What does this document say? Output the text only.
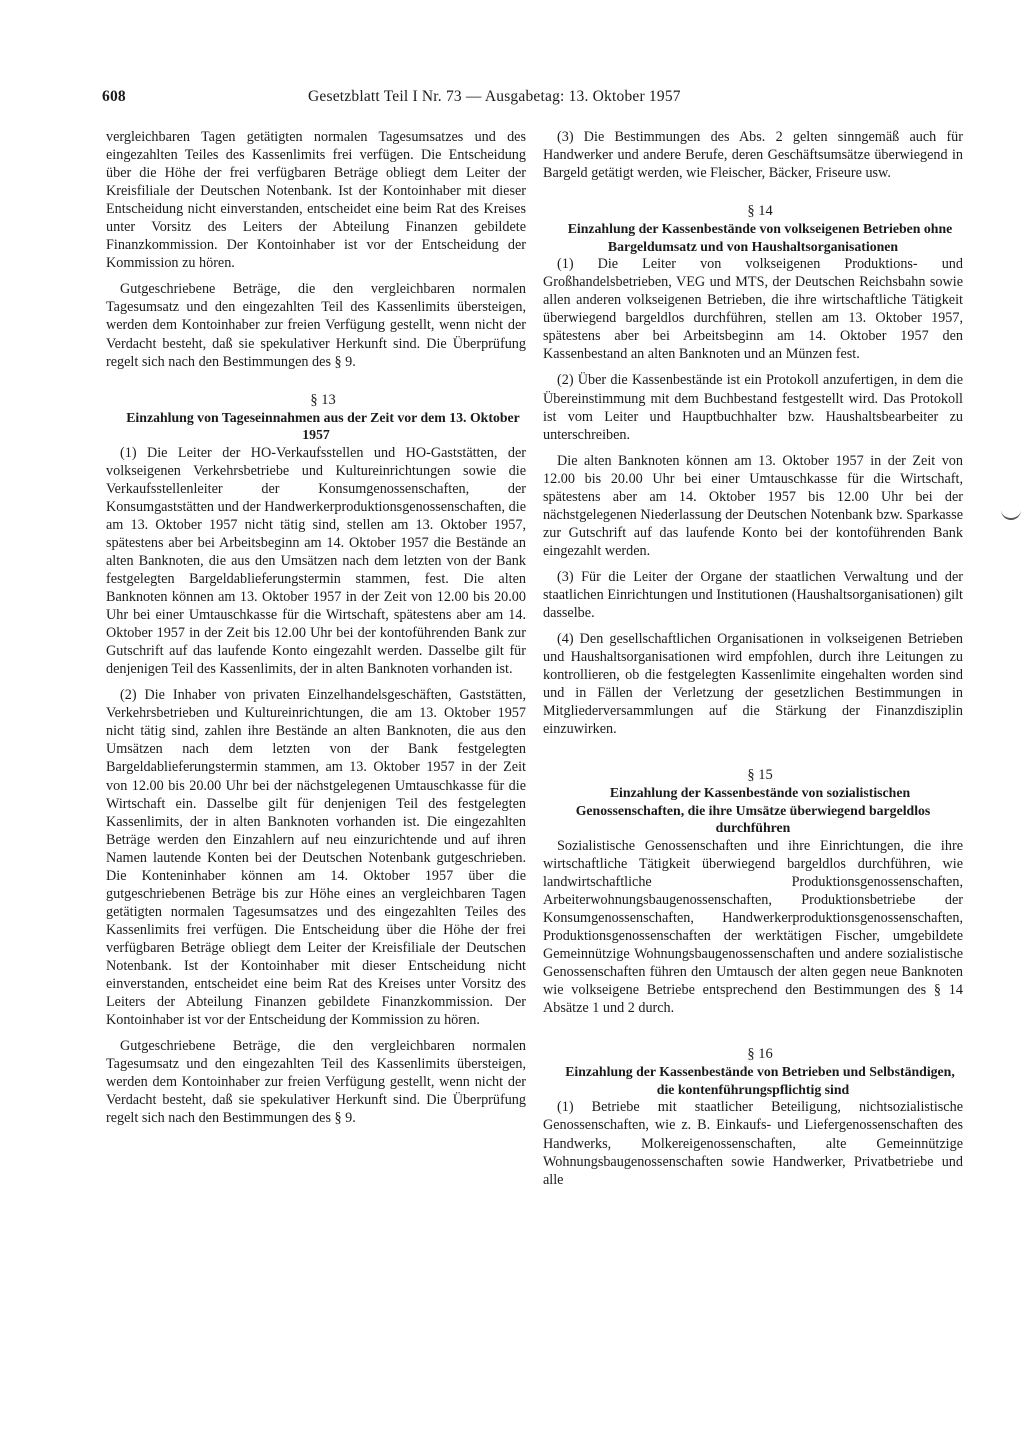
608	Gesetzblatt Teil I Nr. 73 — Ausgabetag: 13. Oktober 1957

vergleichbaren Tagen getätigten normalen Tagesumsatzes und des eingezahlten Teiles des Kassenlimits frei verfügen. Die Entscheidung über die Höhe der frei verfügbaren Beträge obliegt dem Leiter der Kreisfiliale der Deutschen Notenbank. Ist der Kontoinhaber mit dieser Entscheidung nicht einverstanden, entscheidet eine beim Rat des Kreises unter Vorsitz des Leiters der Abteilung Finanzen gebildete Finanzkommission. Der Kontoinhaber ist vor der Entscheidung der Kommission zu hören.

Gutgeschriebene Beträge, die den vergleichbaren normalen Tagesumsatz und den eingezahlten Teil des Kassenlimits übersteigen, werden dem Kontoinhaber zur freien Verfügung gestellt, wenn nicht der Verdacht besteht, daß sie spekulativer Herkunft sind. Die Überprüfung regelt sich nach den Bestimmungen des § 9.

§ 13

Einzahlung von Tageseinnahmen aus der Zeit vor dem 13. Oktober 1957

(1) Die Leiter der HO-Verkaufsstellen und HO-Gaststätten, der volkseigenen Verkehrsbetriebe und Kultureinrichtungen sowie die Verkaufsstellenleiter der Konsumgenossenschaften, der Konsumgaststätten und der Handwerkerproduktionsgenossenschaften, die am 13. Oktober 1957 nicht tätig sind, stellen am 13. Oktober 1957, spätestens aber bei Arbeitsbeginn am 14. Oktober 1957 die Bestände an alten Banknoten, die aus den Umsätzen nach dem letzten von der Bank festgelegten Bargeldablieferungstermin stammen, fest. Die alten Banknoten können am 13. Oktober 1957 in der Zeit von 12.00 bis 20.00 Uhr bei einer Umtauschkasse für die Wirtschaft, spätestens aber am 14. Oktober 1957 in der Zeit bis 12.00 Uhr bei der kontoführenden Bank zur Gutschrift auf das laufende Konto eingezahlt werden. Dasselbe gilt für denjenigen Teil des Kassenlimits, der in alten Banknoten vorhanden ist.

(2) Die Inhaber von privaten Einzelhandelsgeschäften, Gaststätten, Verkehrsbetrieben und Kultureinrichtungen, die am 13. Oktober 1957 nicht tätig sind, zahlen ihre Bestände an alten Banknoten, die aus den Umsätzen nach dem letzten von der Bank festgelegten Bargeldablieferungstermin stammen, am 13. Oktober 1957 in der Zeit von 12.00 bis 20.00 Uhr bei der nächstgelegenen Umtauschkasse für die Wirtschaft ein. Dasselbe gilt für denjenigen Teil des festgelegten Kassenlimits, der in alten Banknoten vorhanden ist. Die eingezahlten Beträge werden den Einzahlern auf neu einzurichtende und auf ihren Namen lautende Konten bei der Deutschen Notenbank gutgeschrieben. Die Konteninhaber können am 14. Oktober 1957 über die gutgeschriebenen Beträge bis zur Höhe eines an vergleichbaren Tagen getätigten normalen Tagesumsatzes und des eingezahlten Teiles des Kassenlimits frei verfügen. Die Entscheidung über die Höhe der frei verfügbaren Beträge obliegt dem Leiter der Kreisfiliale der Deutschen Notenbank. Ist der Kontoinhaber mit dieser Entscheidung nicht einverstanden, entscheidet eine beim Rat des Kreises unter Vorsitz des Leiters der Abteilung Finanzen gebildete Finanzkommission. Der Kontoinhaber ist vor der Entscheidung der Kommission zu hören.

Gutgeschriebene Beträge, die den vergleichbaren normalen Tagesumsatz und den eingezahlten Teil des Kassenlimits übersteigen, werden dem Kontoinhaber zur freien Verfügung gestellt, wenn nicht der Verdacht besteht, daß sie spekulativer Herkunft sind. Die Überprüfung regelt sich nach den Bestimmungen des § 9.

(3) Die Bestimmungen des Abs. 2 gelten sinngemäß auch für Handwerker und andere Berufe, deren Geschäftsumsätze überwiegend in Bargeld getätigt werden, wie Fleischer, Bäcker, Friseure usw.

§ 14

Einzahlung der Kassenbestände von volkseigenen Betrieben ohne Bargeldumsatz und von Haushaltsorganisationen

(1) Die Leiter von volkseigenen Produktions- und Großhandelsbetrieben, VEG und MTS, der Deutschen Reichsbahn sowie allen anderen volkseigenen Betrieben, die ihre wirtschaftliche Tätigkeit überwiegend bargeldlos durchführen, stellen am 13. Oktober 1957, spätestens aber bei Arbeitsbeginn am 14. Oktober 1957 den Kassenbestand an alten Banknoten und an Münzen fest.

(2) Über die Kassenbestände ist ein Protokoll anzufertigen, in dem die Übereinstimmung mit dem Buchbestand festgestellt wird. Das Protokoll ist vom Leiter und Hauptbuchhalter bzw. Haushaltsbearbeiter zu unterschreiben.

Die alten Banknoten können am 13. Oktober 1957 in der Zeit von 12.00 bis 20.00 Uhr bei einer Umtauschkasse für die Wirtschaft, spätestens aber am 14. Oktober 1957 bis 12.00 Uhr bei der nächstgelegenen Niederlassung der Deutschen Notenbank bzw. Sparkasse zur Gutschrift auf das laufende Konto bei der kontoführenden Bank eingezahlt werden.

(3) Für die Leiter der Organe der staatlichen Verwaltung und der staatlichen Einrichtungen und Institutionen (Haushaltsorganisationen) gilt dasselbe.

(4) Den gesellschaftlichen Organisationen in volkseigenen Betrieben und Haushaltsorganisationen wird empfohlen, durch ihre Leitungen zu kontrollieren, ob die festgelegten Kassenlimite eingehalten worden sind und in Fällen der Verletzung der gesetzlichen Bestimmungen in Mitgliederversammlungen auf die Stärkung der Finanzdisziplin einzuwirken.

§ 15

Einzahlung der Kassenbestände von sozialistischen Genossenschaften, die ihre Umsätze überwiegend bargeldlos durchführen

Sozialistische Genossenschaften und ihre Einrichtungen, die ihre wirtschaftliche Tätigkeit überwiegend bargeldlos durchführen, wie landwirtschaftliche Produktionsgenossenschaften, Arbeiterwohnungsbaugenossenschaften, Produktionsbetriebe der Konsumgenossenschaften, Handwerkerproduktionsgenossenschaften, Produktionsgenossenschaften der werktätigen Fischer, umgebildete Gemeinnützige Wohnungsbaugenossenschaften und andere sozialistische Genossenschaften führen den Umtausch der alten gegen neue Banknoten wie volkseigene Betriebe entsprechend den Bestimmungen des § 14 Absätze 1 und 2 durch.

§ 16

Einzahlung der Kassenbestände von Betrieben und Selbständigen, die kontenführungspflichtig sind

(1) Betriebe mit staatlicher Beteiligung, nichtsozialistische Genossenschaften, wie z. B. Einkaufs- und Liefergenossenschaften des Handwerks, Molkereigenossenschaften, alte Gemeinnützige Wohnungsbaugenossenschaften sowie Handwerker, Privatbetriebe und alle
